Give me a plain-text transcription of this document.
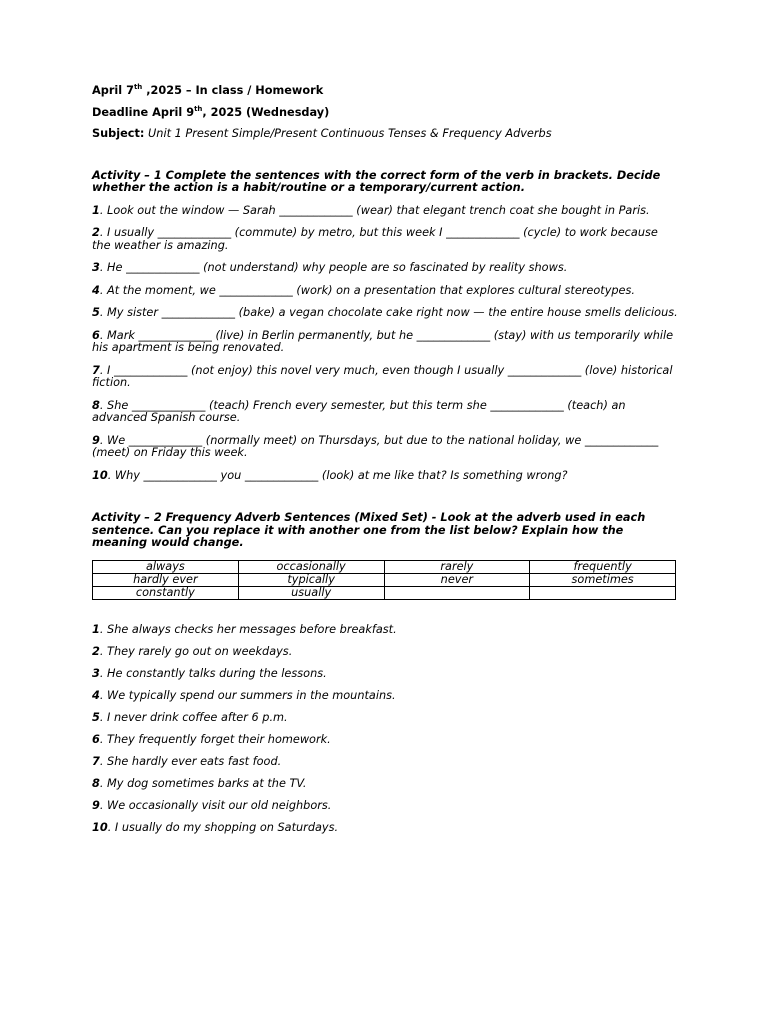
April 7th ,2025 – In class / Homework
Deadline April 9th, 2025 (Wednesday)
Subject: Unit 1 Present Simple/Present Continuous Tenses & Frequency Adverbs
Activity – 1 Complete the sentences with the correct form of the verb in brackets. Decide whether the action is a habit/routine or a temporary/current action.
1. Look out the window — Sarah _____________ (wear) that elegant trench coat she bought in Paris.
2. I usually _____________ (commute) by metro, but this week I _____________ (cycle) to work because the weather is amazing.
3. He _____________ (not understand) why people are so fascinated by reality shows.
4. At the moment, we _____________ (work) on a presentation that explores cultural stereotypes.
5. My sister _____________ (bake) a vegan chocolate cake right now — the entire house smells delicious.
6. Mark _____________ (live) in Berlin permanently, but he _____________ (stay) with us temporarily while his apartment is being renovated.
7. I _____________ (not enjoy) this novel very much, even though I usually _____________ (love) historical fiction.
8. She _____________ (teach) French every semester, but this term she _____________ (teach) an advanced Spanish course.
9. We _____________ (normally meet) on Thursdays, but due to the national holiday, we _____________ (meet) on Friday this week.
10. Why _____________ you _____________ (look) at me like that? Is something wrong?
Activity – 2 Frequency Adverb Sentences (Mixed Set) - Look at the adverb used in each sentence. Can you replace it with another one from the list below? Explain how the meaning would change.
always	occasionally	rarely	frequently
hardly ever	typically	never	sometimes
constantly	usually		
1. She always checks her messages before breakfast.
2. They rarely go out on weekdays.
3. He constantly talks during the lessons.
4. We typically spend our summers in the mountains.
5. I never drink coffee after 6 p.m.
6. They frequently forget their homework.
7. She hardly ever eats fast food.
8. My dog sometimes barks at the TV.
9. We occasionally visit our old neighbors.
10. I usually do my shopping on Saturdays.
